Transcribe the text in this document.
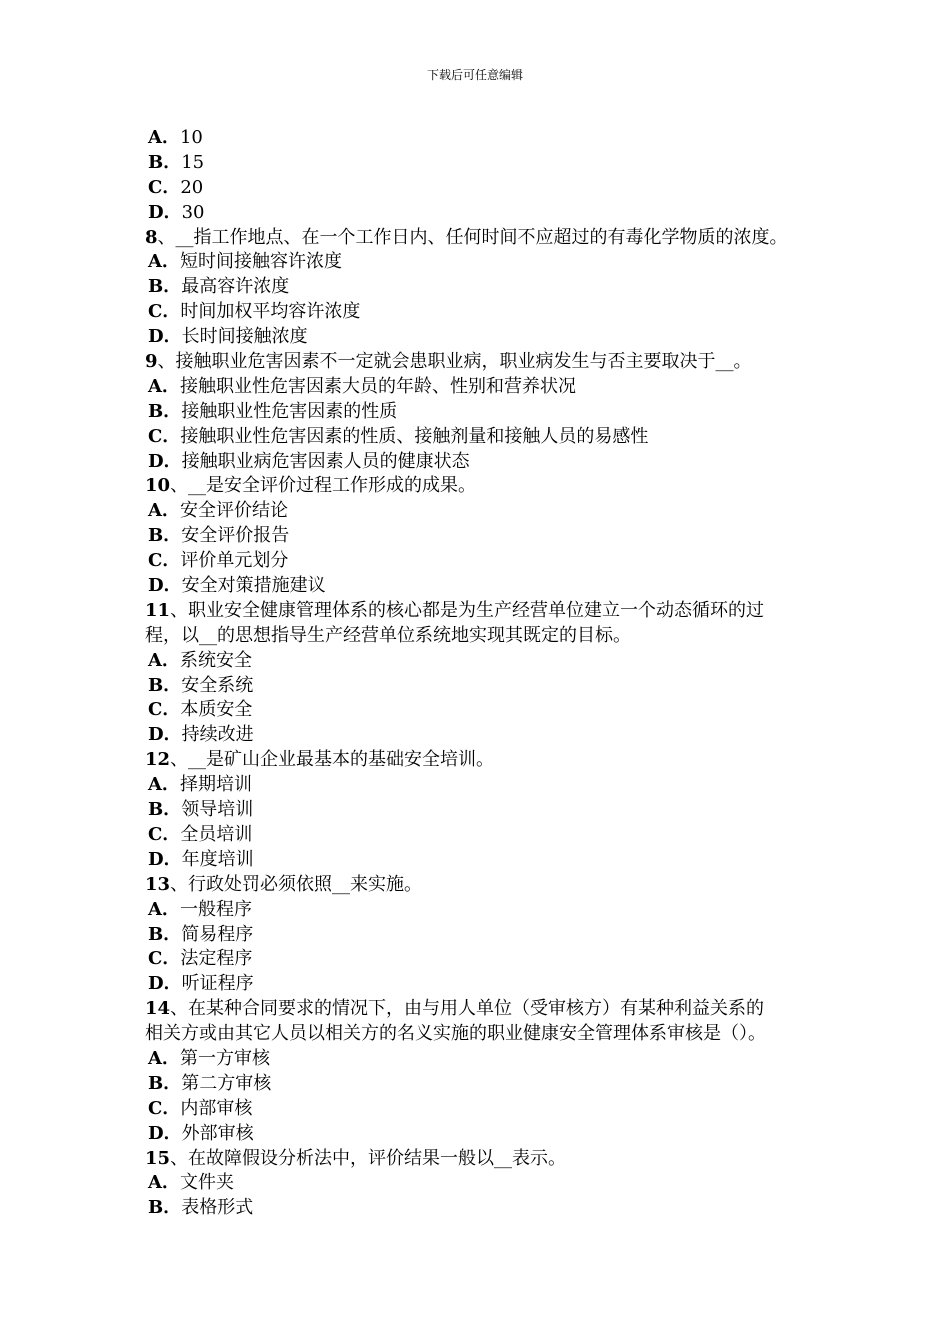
下载后可任意编辑
A．10
B．15
C．20
D．30
8、__指工作地点、在一个工作日内、任何时间不应超过的有毒化学物质的浓度。
A．短时间接触容许浓度
B．最高容许浓度
C．时间加权平均容许浓度
D．长时间接触浓度
9、接触职业危害因素不一定就会患职业病，职业病发生与否主要取决于__。
A．接触职业性危害因素大员的年龄、性别和营养状况
B．接触职业性危害因素的性质
C．接触职业性危害因素的性质、接触剂量和接触人员的易感性
D．接触职业病危害因素人员的健康状态
10、__是安全评价过程工作形成的成果。
A．安全评价结论
B．安全评价报告
C．评价单元划分
D．安全对策措施建议
11、职业安全健康管理体系的核心都是为生产经营单位建立一个动态循环的过
程，以__的思想指导生产经营单位系统地实现其既定的目标。
A．系统安全
B．安全系统
C．本质安全
D．持续改进
12、__是矿山企业最基本的基础安全培训。
A．择期培训
B．领导培训
C．全员培训
D．年度培训
13、行政处罚必须依照__来实施。
A．一般程序
B．简易程序
C．法定程序
D．听证程序
14、在某种合同要求的情况下，由与用人单位（受审核方）有某种利益关系的
相关方或由其它人员以相关方的名义实施的职业健康安全管理体系审核是（）。
A．第一方审核
B．第二方审核
C．内部审核
D．外部审核
15、在故障假设分析法中，评价结果一般以__表示。
A．文件夹
B．表格形式
